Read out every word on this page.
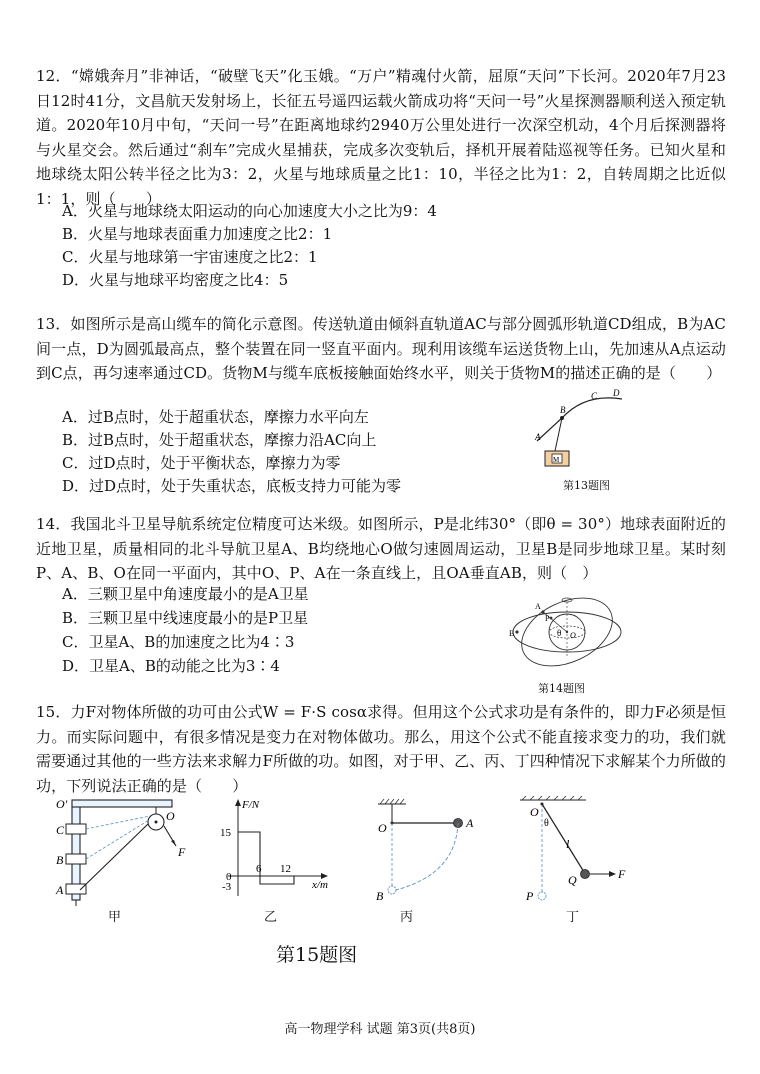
12．“嫦娥奔月”非神话，“破壁飞天”化玉娥。“万户”精魂付火箭，屈原“天问”下长河。2020年7月23日12时41分，文昌航天发射场上，长征五号遥四运载火箭成功将“天问一号”火星探测器顺利送入预定轨道。2020年10月中旬，“天问一号”在距离地球约2940万公里处进行一次深空机动，4个月后探测器将与火星交会。然后通过“刹车”完成火星捕获，完成多次变轨后，择机开展着陆巡视等任务。已知火星和地球绕太阳公转半径之比为3：2，火星与地球质量之比1：10，半径之比为1：2，自转周期之比近似1：1，则（　　）
A．火星与地球绕太阳运动的向心加速度大小之比为9：4
B．火星与地球表面重力加速度之比2：1
C．火星与地球第一宇宙速度之比2：1
D．火星与地球平均密度之比4：5
13．如图所示是高山缆车的简化示意图。传送轨道由倾斜直轨道AC与部分圆弧形轨道CD组成，B为AC间一点，D为圆弧最高点，整个装置在同一竖直平面内。现利用该缆车运送货物上山，先加速从A点运动到C点，再匀速率通过CD。货物M与缆车底板接触面始终水平，则关于货物M的描述正确的是（　　）
A．过B点时，处于超重状态，摩擦力水平向左
B．过B点时，处于超重状态，摩擦力沿AC向上
C．过D点时，处于平衡状态，摩擦力为零
D．过D点时，处于失重状态，底板支持力可能为零
A
B
C D
M
第13题图
14．我国北斗卫星导航系统定位精度可达米级。如图所示，P是北纬30°（即θ = 30°）地球表面附近的近地卫星，质量相同的北斗导航卫星A、B均绕地心O做匀速圆周运动，卫星B是同步地球卫星。某时刻P、A、B、O在同一平面内，其中O、P、A在一条直线上，且OA垂直AB，则（　）
A．三颗卫星中角速度最小的是A卫星
B．三颗卫星中线速度最小的是P卫星
C．卫星A、B的加速度之比为4∶3
D．卫星A、B的动能之比为3∶4
A
P
B	θ O
第14题图
15．力F对物体所做的功可由公式W = F·S cosα求得。但用这个公式求功是有条件的，即力F必须是恒力。而实际问题中，有很多情况是变力在对物体做功。那么，用这个公式不能直接求变力的功，我们就需要通过其他的一些方法来求解力F所做的功。如图，对于甲、乙、丙、丁四种情况下求解某个力所做的功，下列说法正确的是（　　）
O′
C
B
A
O
F
甲
F/N
x/m
15
0
-3
6 12
乙
O	A
B
丙
O
θ
l
Q	F
P
丁
第15题图
高一物理学科 试题 第3页(共8页)
